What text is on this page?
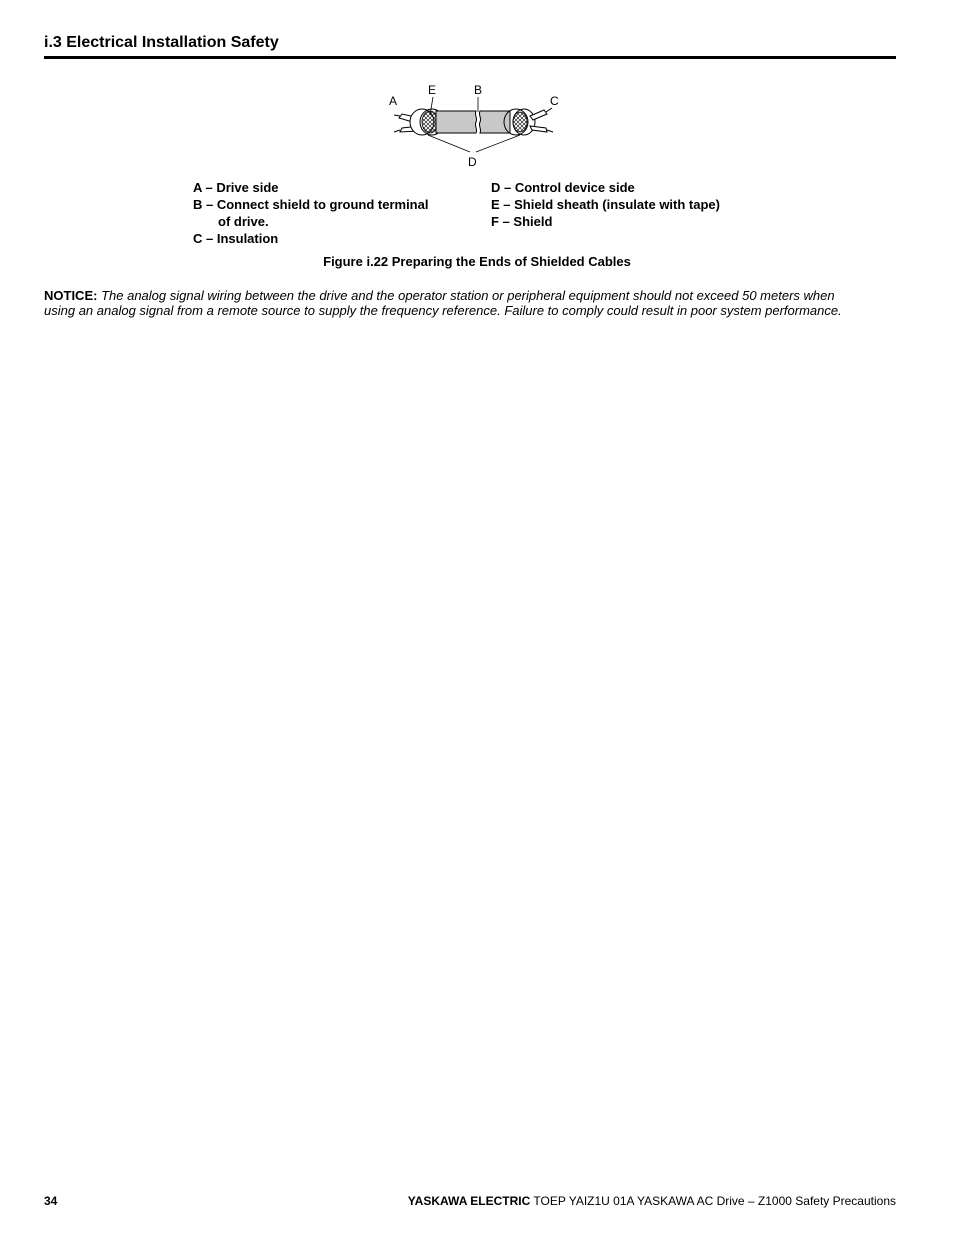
i.3 Electrical Installation Safety
A
E	B
C
D
A – Drive side
B – Connect shield to ground terminal
of drive.
C – Insulation
D – Control device side
E – Shield sheath (insulate with tape)
F – Shield
Figure i.22 Preparing the Ends of Shielded Cables
NOTICE: The analog signal wiring between the drive and the operator station or peripheral equipment should not exceed 50 meters when
using an analog signal from a remote source to supply the frequency reference. Failure to comply could result in poor system performance.
34	YASKAWA ELECTRIC TOEP YAIZ1U 01A YASKAWA AC Drive – Z1000 Safety Precautions
